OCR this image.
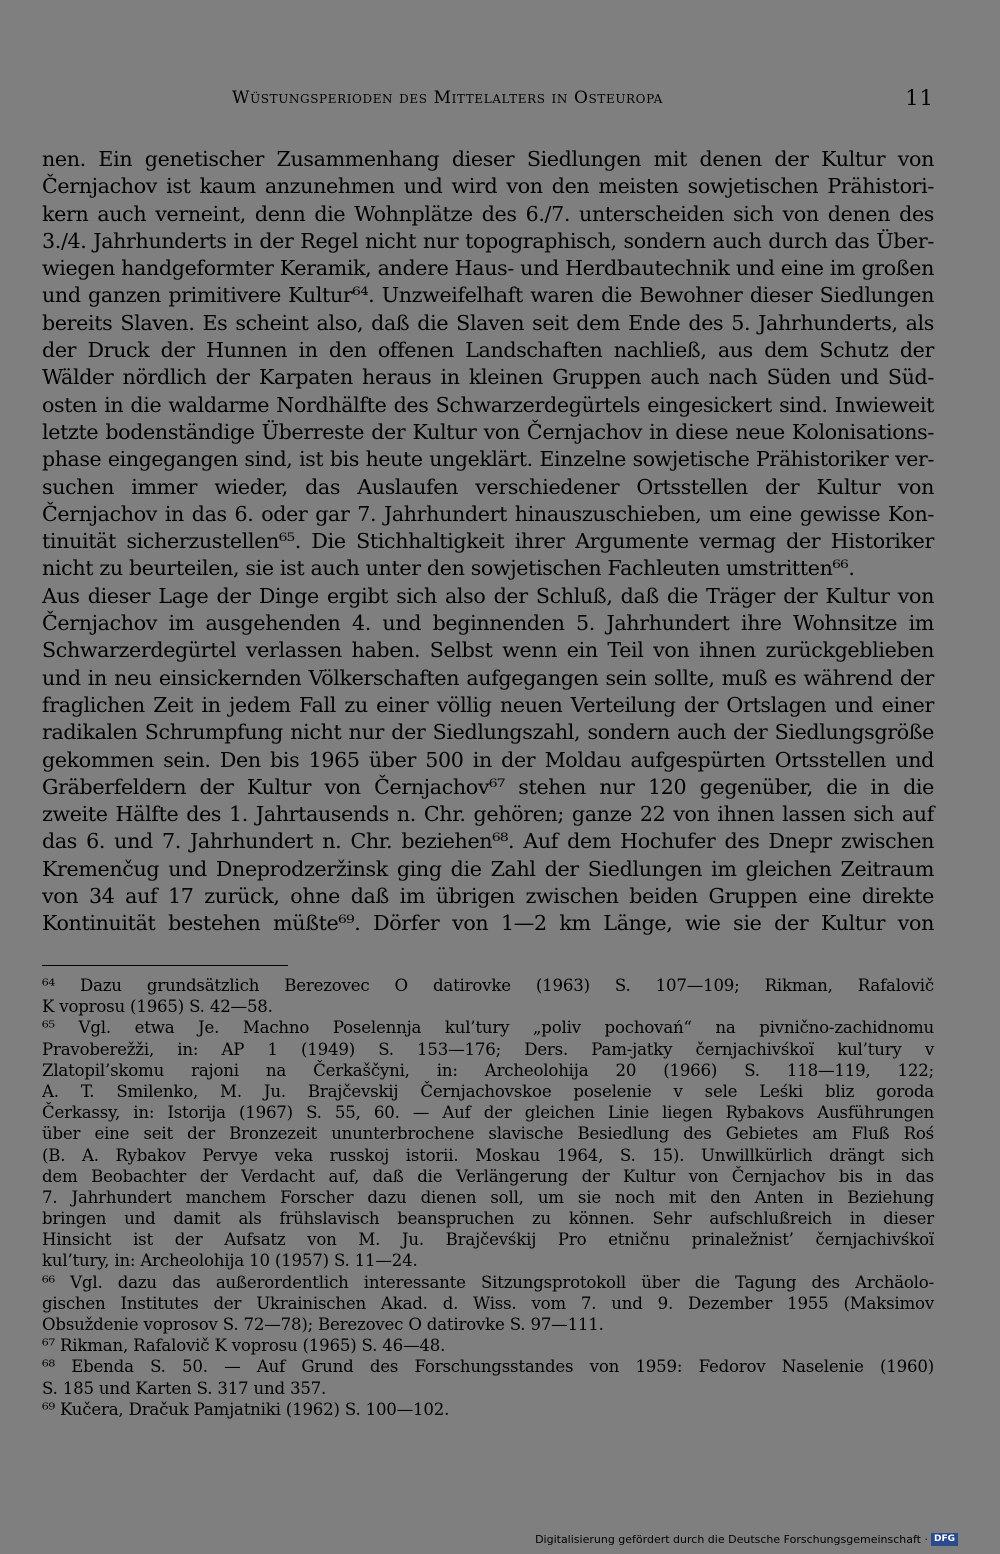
Wüstungsperioden des Mittelalters in Osteuropa	11
nen. Ein genetischer Zusammenhang dieser Siedlungen mit denen der Kultur von
Černjachov ist kaum anzunehmen und wird von den meisten sowjetischen Prähistori-
kern auch verneint, denn die Wohnplätze des 6./7. unterscheiden sich von denen des
3./4. Jahrhunderts in der Regel nicht nur topographisch, sondern auch durch das Über-
wiegen handgeformter Keramik, andere Haus- und Herdbautechnik und eine im großen
und ganzen primitivere Kultur⁶⁴. Unzweifelhaft waren die Bewohner dieser Siedlungen
bereits Slaven. Es scheint also, daß die Slaven seit dem Ende des 5. Jahrhunderts, als
der Druck der Hunnen in den offenen Landschaften nachließ, aus dem Schutz der
Wälder nördlich der Karpaten heraus in kleinen Gruppen auch nach Süden und Süd-
osten in die waldarme Nordhälfte des Schwarzerdegürtels eingesickert sind. Inwieweit
letzte bodenständige Überreste der Kultur von Černjachov in diese neue Kolonisations-
phase eingegangen sind, ist bis heute ungeklärt. Einzelne sowjetische Prähistoriker ver-
suchen immer wieder, das Auslaufen verschiedener Ortsstellen der Kultur von
Černjachov in das 6. oder gar 7. Jahrhundert hinauszuschieben, um eine gewisse Kon-
tinuität sicherzustellen⁶⁵. Die Stichhaltigkeit ihrer Argumente vermag der Historiker
nicht zu beurteilen, sie ist auch unter den sowjetischen Fachleuten umstritten⁶⁶.
Aus dieser Lage der Dinge ergibt sich also der Schluß, daß die Träger der Kultur von
Černjachov im ausgehenden 4. und beginnenden 5. Jahrhundert ihre Wohnsitze im
Schwarzerdegürtel verlassen haben. Selbst wenn ein Teil von ihnen zurückgeblieben
und in neu einsickernden Völkerschaften aufgegangen sein sollte, muß es während der
fraglichen Zeit in jedem Fall zu einer völlig neuen Verteilung der Ortslagen und einer
radikalen Schrumpfung nicht nur der Siedlungszahl, sondern auch der Siedlungsgröße
gekommen sein. Den bis 1965 über 500 in der Moldau aufgespürten Ortsstellen und
Gräberfeldern der Kultur von Černjachov⁶⁷ stehen nur 120 gegenüber, die in die
zweite Hälfte des 1. Jahrtausends n. Chr. gehören; ganze 22 von ihnen lassen sich auf
das 6. und 7. Jahrhundert n. Chr. beziehen⁶⁸. Auf dem Hochufer des Dnepr zwischen
Kremenčug und Dneprodzeržinsk ging die Zahl der Siedlungen im gleichen Zeitraum
von 34 auf 17 zurück, ohne daß im übrigen zwischen beiden Gruppen eine direkte
Kontinuität bestehen müßte⁶⁹. Dörfer von 1—2 km Länge, wie sie der Kultur von
⁶⁴ Dazu grundsätzlich Berezovec O datirovke (1963) S. 107—109; Rikman, Rafalovič
K voprosu (1965) S. 42—58.
⁶⁵ Vgl. etwa Je. Machno Poselennja kul’tury „poliv pochovań“ na pivnično-zachidnomu
Pravoberežži, in: AP 1 (1949) S. 153—176; Ders. Pam-jatky černjachivśkoï kul’tury v
Zlatopil’skomu rajoni na Čerkaščyni, in: Archeolohija 20 (1966) S. 118—119, 122;
A. T. Smilenko, M. Ju. Brajčevskij Černjachovskoe poselenie v sele Leśki bliz goroda
Čerkassy, in: Istorija (1967) S. 55, 60. — Auf der gleichen Linie liegen Rybakovs Ausführungen
über eine seit der Bronzezeit ununterbrochene slavische Besiedlung des Gebietes am Fluß Roś
(B. A. Rybakov Pervye veka russkoj istorii. Moskau 1964, S. 15). Unwillkürlich drängt sich
dem Beobachter der Verdacht auf, daß die Verlängerung der Kultur von Černjachov bis in das
7. Jahrhundert manchem Forscher dazu dienen soll, um sie noch mit den Anten in Beziehung
bringen und damit als frühslavisch beanspruchen zu können. Sehr aufschlußreich in dieser
Hinsicht ist der Aufsatz von M. Ju. Brajčevśkij Pro etničnu prinaležnist’ černjachivśkoï
kul’tury, in: Archeolohija 10 (1957) S. 11—24.
⁶⁶ Vgl. dazu das außerordentlich interessante Sitzungsprotokoll über die Tagung des Archäolo-
gischen Institutes der Ukrainischen Akad. d. Wiss. vom 7. und 9. Dezember 1955 (Maksimov
Obsuždenie voprosov S. 72—78); Berezovec O datirovke S. 97—111.
⁶⁷ Rikman, Rafalovič K voprosu (1965) S. 46—48.
⁶⁸ Ebenda S. 50. — Auf Grund des Forschungsstandes von 1959: Fedorov Naselenie (1960)
S. 185 und Karten S. 317 und 357.
⁶⁹ Kučera, Dračuk Pamjatniki (1962) S. 100—102.
Digitalisierung gefördert durch die Deutsche Forschungsgemeinschaft · DFG
